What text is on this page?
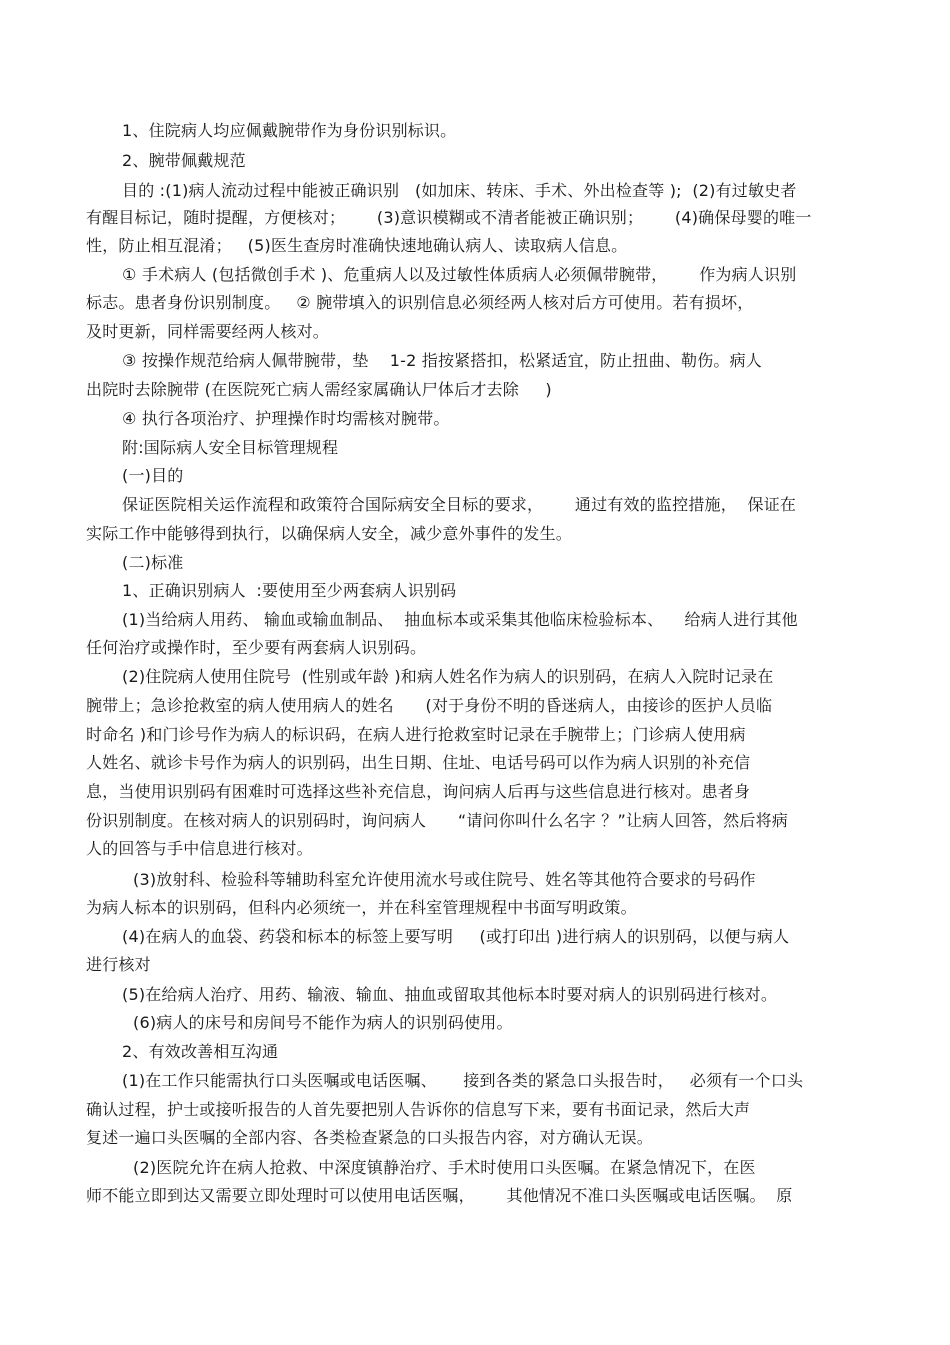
1、住院病人均应佩戴腕带作为身份识别标识。
2、腕带佩戴规范
目的 :(1)病人流动过程中能被正确识别   (如加床、转床、手术、外出检查等 );  (2)有过敏史者
有醒目标记，随时提醒，方便核对；      (3)意识模糊或不清者能被正确识别；      (4)确保母婴的唯一
性，防止相互混淆；   (5)医生查房时准确快速地确认病人、读取病人信息。
① 手术病人 (包括微创手术 )、危重病人以及过敏性体质病人必须佩带腕带，      作为病人识别
标志。患者身份识别制度。   ② 腕带填入的识别信息必须经两人核对后方可使用。若有损坏，
及时更新，同样需要经两人核对。
③ 按操作规范给病人佩带腕带，垫    1-2 指按紧搭扣，松紧适宜，防止扭曲、勒伤。病人
出院时去除腕带 (在医院死亡病人需经家属确认尸体后才去除     )
④ 执行各项治疗、护理操作时均需核对腕带。
附:国际病人安全目标管理规程
(一)目的
保证医院相关运作流程和政策符合国际病安全目标的要求，      通过有效的监控措施，  保证在
实际工作中能够得到执行，以确保病人安全，减少意外事件的发生。
(二)标准
1、正确识别病人  :要使用至少两套病人识别码
(1)当给病人用药、 输血或输血制品、  抽血标本或采集其他临床检验标本、    给病人进行其他
任何治疗或操作时，至少要有两套病人识别码。
(2)住院病人使用住院号  (性别或年龄 )和病人姓名作为病人的识别码，在病人入院时记录在
腕带上；急诊抢救室的病人使用病人的姓名      (对于身份不明的昏迷病人，由接诊的医护人员临
时命名 )和门诊号作为病人的标识码，在病人进行抢救室时记录在手腕带上；门诊病人使用病
人姓名、就诊卡号作为病人的识别码，出生日期、住址、电话号码可以作为病人识别的补充信
息，当使用识别码有困难时可选择这些补充信息，询问病人后再与这些信息进行核对。患者身
份识别制度。在核对病人的识别码时，询问病人      “请问你叫什么名字 ？”让病人回答，然后将病
人的回答与手中信息进行核对。
(3)放射科、检验科等辅助科室允许使用流水号或住院号、姓名等其他符合要求的号码作
为病人标本的识别码，但科内必须统一，并在科室管理规程中书面写明政策。
(4)在病人的血袋、药袋和标本的标签上要写明     (或打印出 )进行病人的识别码，以便与病人
进行核对
(5)在给病人治疗、用药、输液、输血、抽血或留取其他标本时要对病人的识别码进行核对。
(6)病人的床号和房间号不能作为病人的识别码使用。
2、有效改善相互沟通
(1)在工作只能需执行口头医嘱或电话医嘱、     接到各类的紧急口头报告时，   必须有一个口头
确认过程，护士或接听报告的人首先要把别人告诉你的信息写下来，要有书面记录，然后大声
复述一遍口头医嘱的全部内容、各类检查紧急的口头报告内容，对方确认无误。
(2)医院允许在病人抢救、中深度镇静治疗、手术时使用口头医嘱。在紧急情况下，在医
师不能立即到达又需要立即处理时可以使用电话医嘱，      其他情况不准口头医嘱或电话医嘱。  原
